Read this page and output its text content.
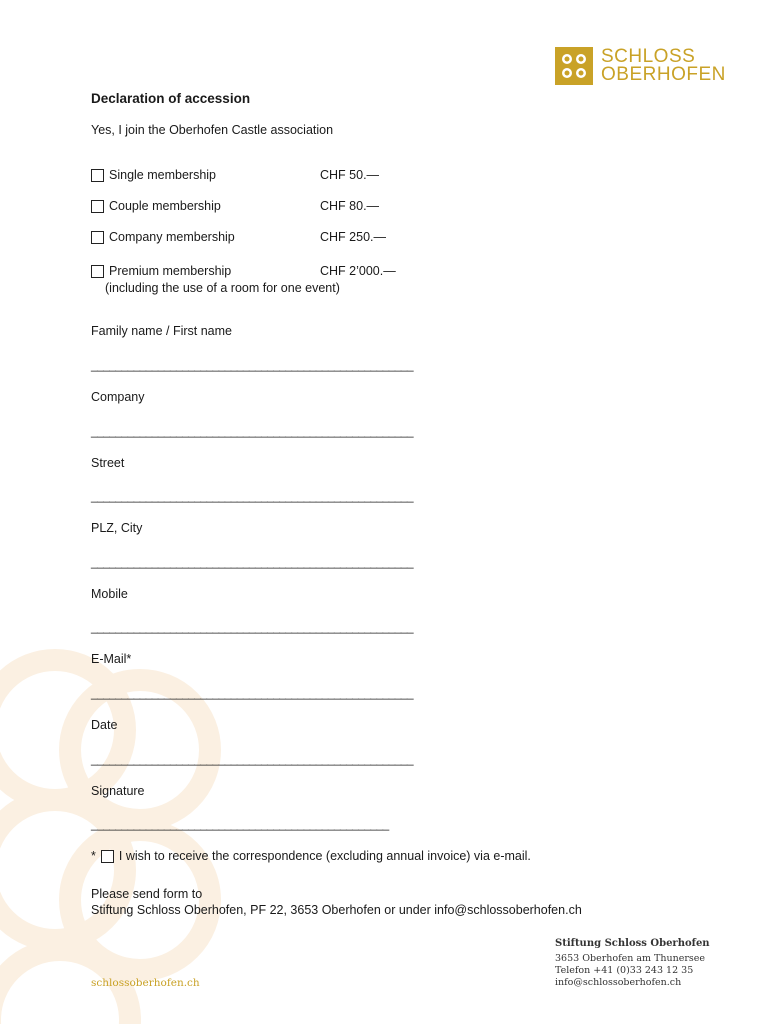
SCHLOSS
OBERHOFEN
Declaration of accession
Yes, I join the Oberhofen Castle association
Single membership	CHF 50.—
Couple membership	CHF 80.—
Company membership	CHF 250.—
Premium membership	CHF 2’000.—
(including the use of a room for one event)
Family name / First name
_____________________________________________________
Company
_____________________________________________________
Street
_____________________________________________________
PLZ, City
_____________________________________________________
Mobile
_____________________________________________________
E-Mail*
_____________________________________________________
Date
_____________________________________________________
Signature
_________________________________________________
* I wish to receive the correspondence (excluding annual invoice) via e-mail.
Please send form to
Stiftung Schloss Oberhofen, PF 22, 3653 Oberhofen or under info@schlossoberhofen.ch
schlossoberhofen.ch
Stiftung Schloss Oberhofen
3653 Oberhofen am Thunersee
Telefon +41 (0)33 243 12 35
info@schlossoberhofen.ch
